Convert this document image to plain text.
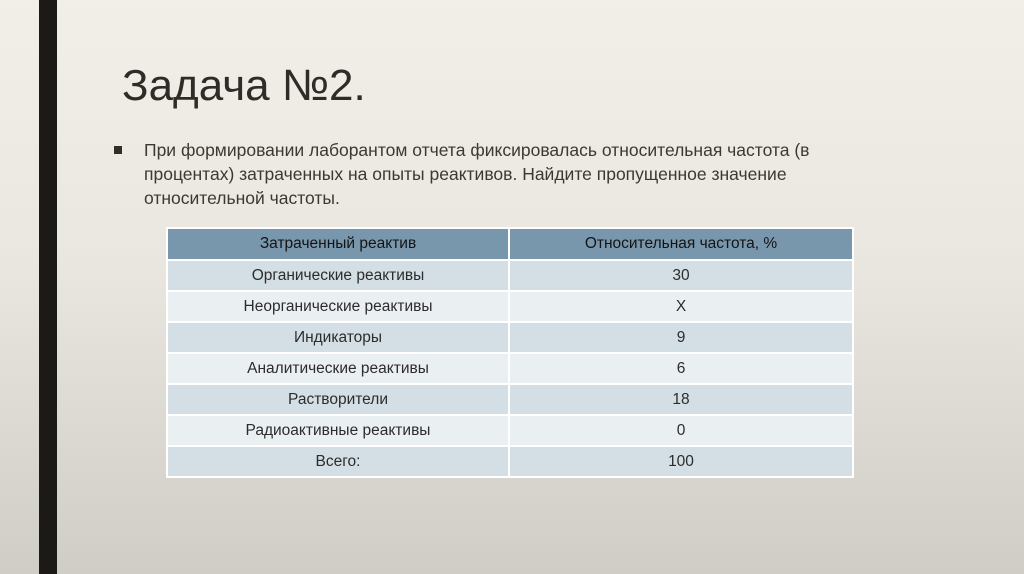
Задача №2.
При формировании лаборантом отчета фиксировалась относительная частота (в процентах) затраченных на опыты реактивов. Найдите пропущенное значение относительной частоты.
Затраченный реактив	Относительная частота, %
Органические реактивы	30
Неорганические реактивы	X
Индикаторы	9
Аналитические реактивы	6
Растворители	18
Радиоактивные реактивы	0
Всего:	100
